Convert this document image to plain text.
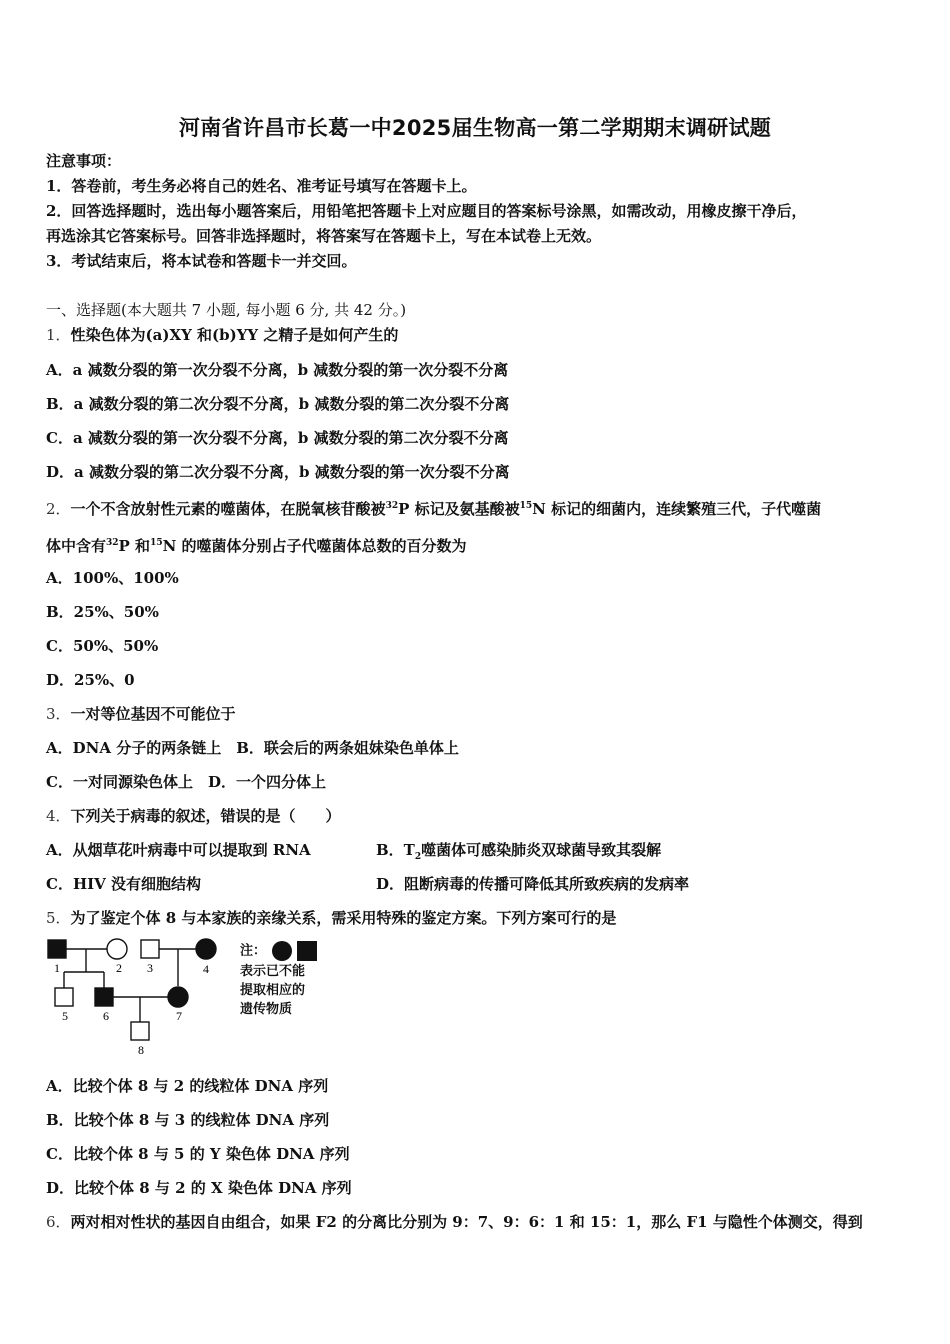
河南省许昌市长葛一中2025届生物高一第二学期期末调研试题
注意事项：
1．答卷前，考生务必将自己的姓名、准考证号填写在答题卡上。
2．回答选择题时，选出每小题答案后，用铅笔把答题卡上对应题目的答案标号涂黑，如需改动，用橡皮擦干净后，
再选涂其它答案标号。回答非选择题时，将答案写在答题卡上，写在本试卷上无效。
3．考试结束后，将本试卷和答题卡一并交回。
一、选择题(本大题共 7 小题, 每小题 6 分, 共 42 分。)
1．性染色体为(a)XY 和(b)YY 之精子是如何产生的
A．a 减数分裂的第一次分裂不分离，b 减数分裂的第一次分裂不分离
B．a 减数分裂的第二次分裂不分离，b 减数分裂的第二次分裂不分离
C．a 减数分裂的第一次分裂不分离，b 减数分裂的第二次分裂不分离
D．a 减数分裂的第二次分裂不分离，b 减数分裂的第一次分裂不分离
2．一个不含放射性元素的噬菌体，在脱氧核苷酸被$^{32}$P 标记及氨基酸被$^{15}$N 标记的细菌内，连续繁殖三代，子代噬菌
体中含有$^{32}$P 和$^{15}$N 的噬菌体分别占子代噬菌体总数的百分数为
A．100%、100%
B．25%、50%
C．50%、50%
D．25%、0
3．一对等位基因不可能位于
A．DNA 分子的两条链上　B．联会后的两条姐妹染色单体上
C．一对同源染色体上　D．一个四分体上
4．下列关于病毒的叙述，错误的是（　　）
A．从烟草花叶病毒中可以提取到 RNA	B．$T_2$噬菌体可感染肺炎双球菌导致其裂解
C．HIV 没有细胞结构	D．阻断病毒的传播可降低其所致疾病的发病率
5．为了鉴定个体 8 与本家族的亲缘关系，需采用特殊的鉴定方案。下列方案可行的是
1	2 3	4
5	6	7
8
注：
表示已不能
提取相应的
遗传物质
A．比较个体 8 与 2 的线粒体 DNA 序列
B．比较个体 8 与 3 的线粒体 DNA 序列
C．比较个体 8 与 5 的 Y 染色体 DNA 序列
D．比较个体 8 与 2 的 X 染色体 DNA 序列
6．两对相对性状的基因自由组合，如果 F2 的分离比分别为 9：7、9：6：1 和 15：1，那么 F1 与隐性个体测交，得到
